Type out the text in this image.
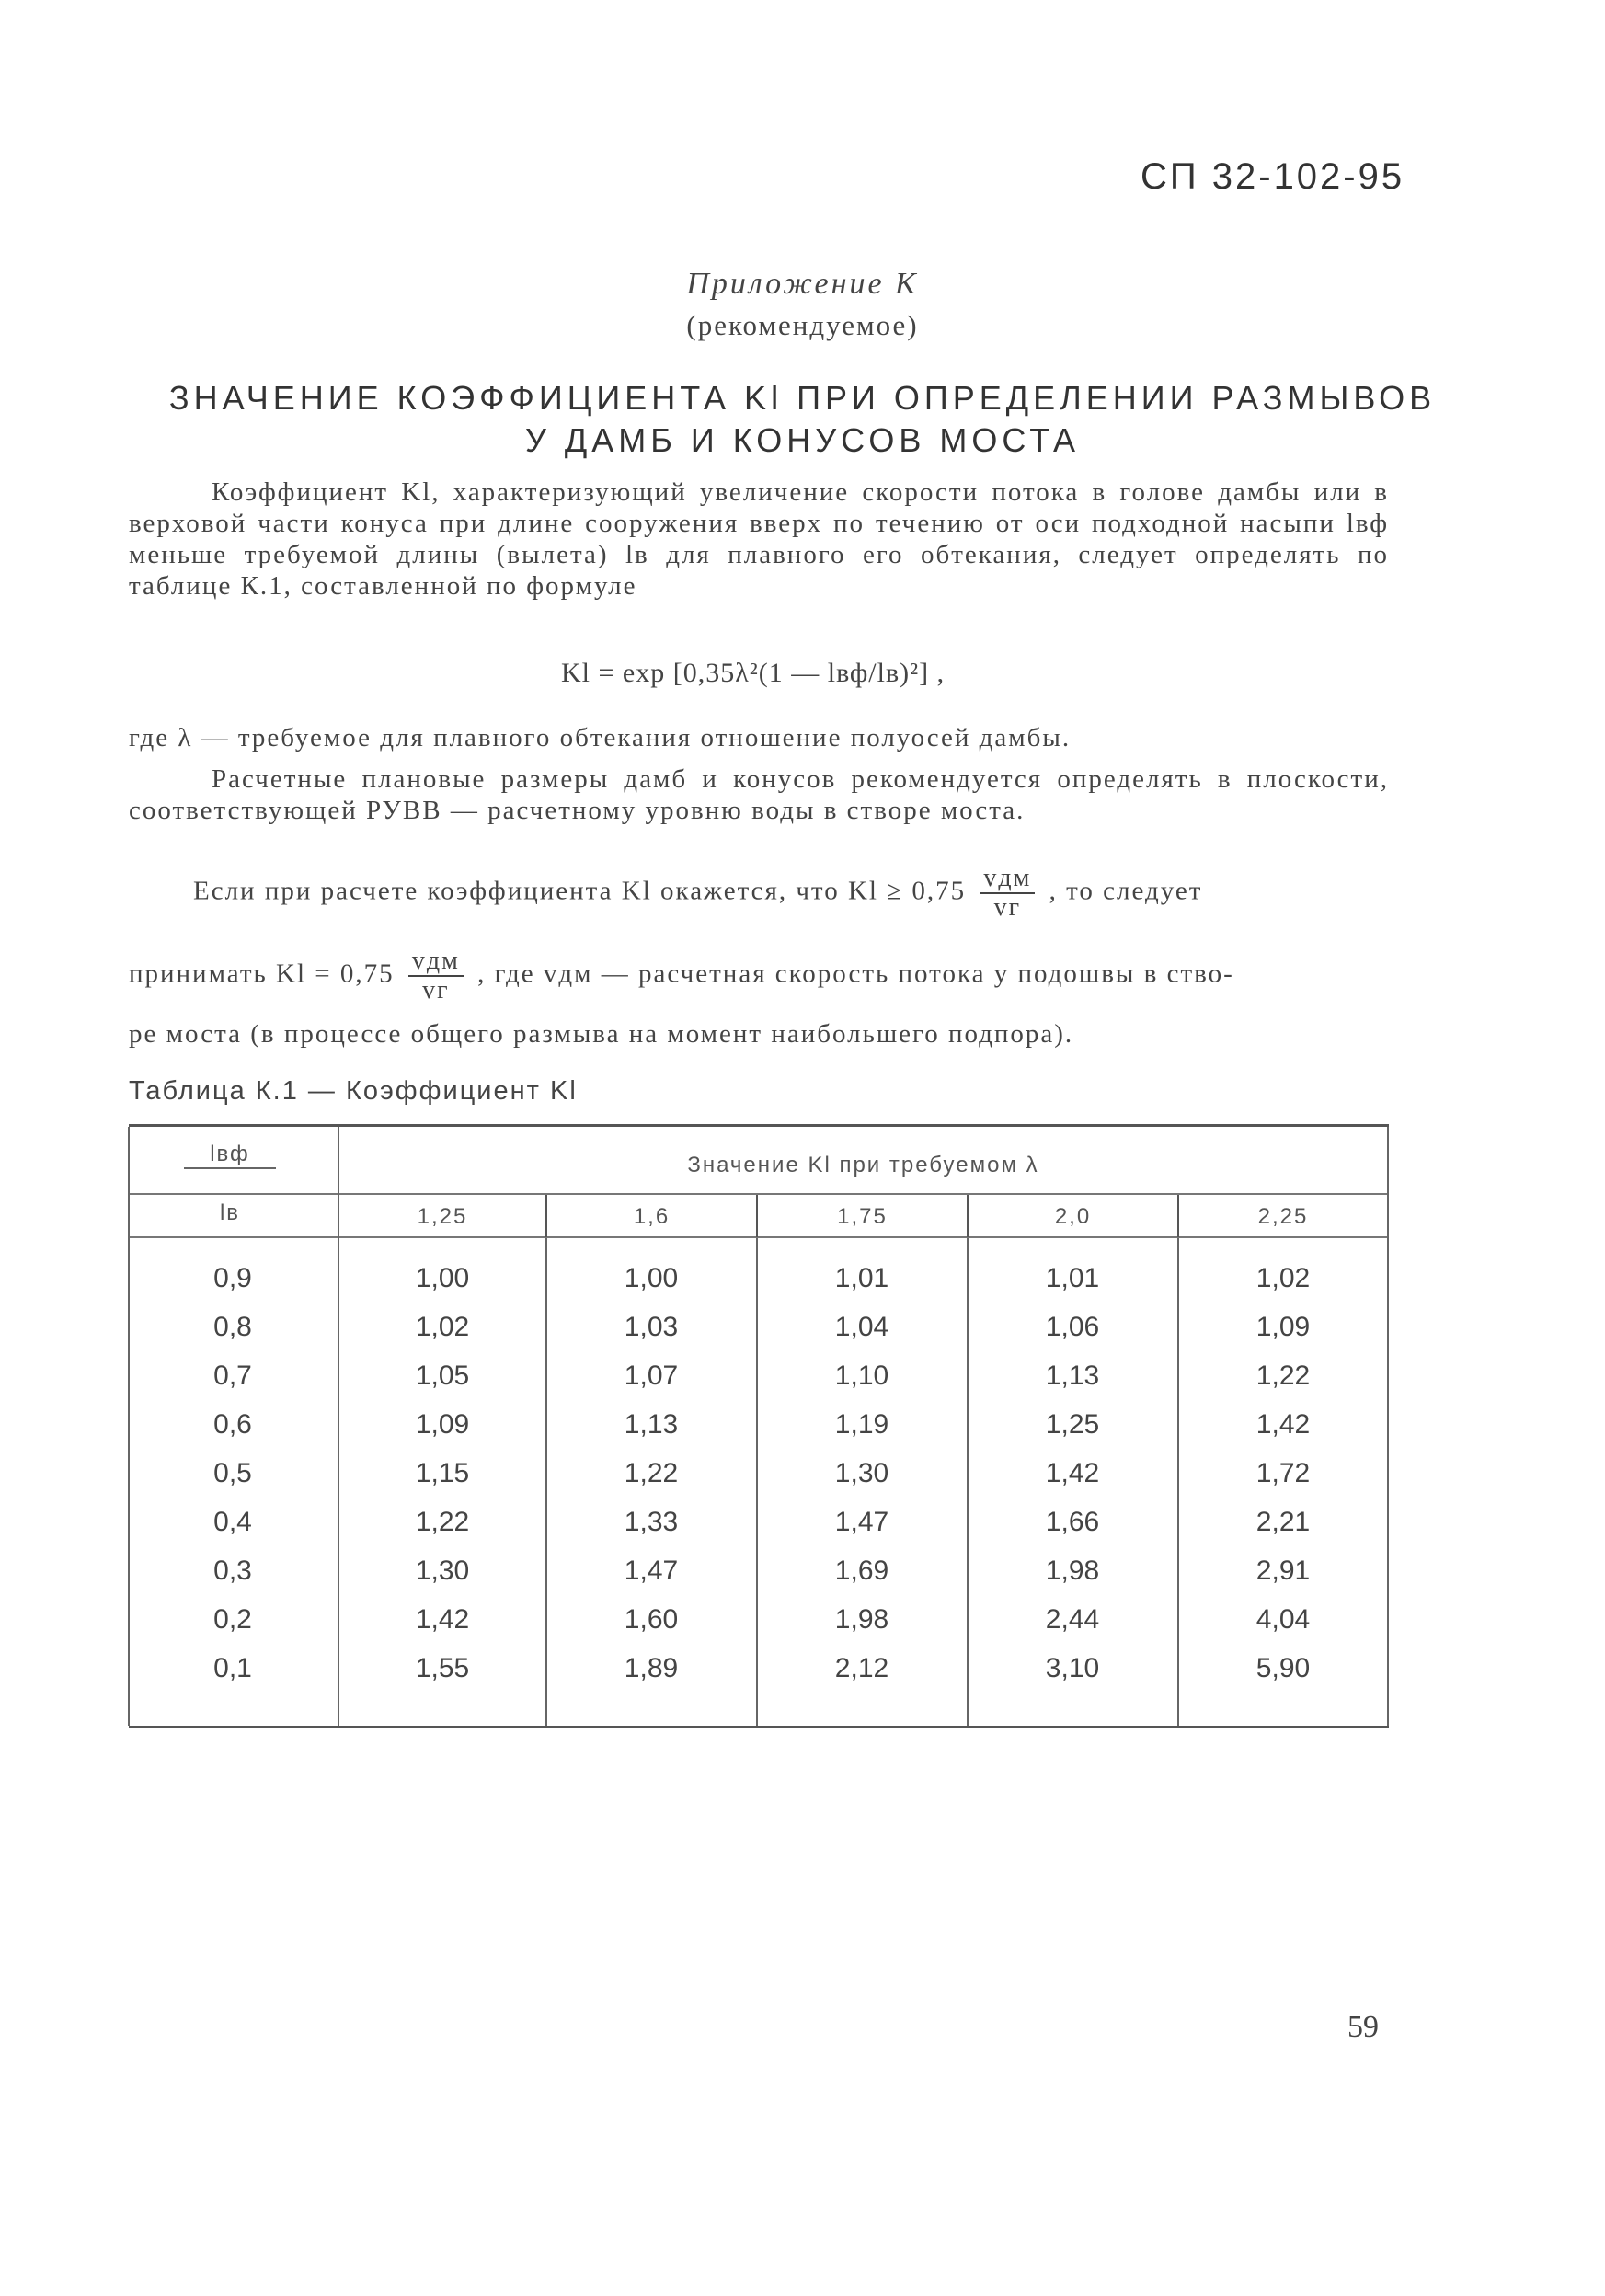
СП 32-102-95
Приложение К
(рекомендуемое)
ЗНАЧЕНИЕ КОЭФФИЦИЕНТА Kl ПРИ ОПРЕДЕЛЕНИИ РАЗМЫВОВ
У ДАМБ И КОНУСОВ МОСТА
Коэффициент Kl, характеризующий увеличение скорости потока в голове дамбы или в верховой части конуса при длине сооружения вверх по течению от оси подходной насыпи lвф меньше требуемой длины (вылета) lв для плавного его обтекания, следует определять по таблице К.1, составленной по формуле
Kl = exp [0,35λ²(1 — lвф/lв)²] ,
где λ — требуемое для плавного обтекания отношение полуосей дамбы.
Расчетные плановые размеры дамб и конусов рекомендуется определять в плоскости, соответствующей РУВВ — расчетному уровню воды в створе моста.
Если при расчете коэффициента Kl окажется, что $Kl \ge 0,75 \frac{\text{vдм}}{vг}$ , то следует
принимать $Kl = 0,75 \frac{\text{vдм}}{vг}$ , где vдм — расчетная скорость потока у подошвы в ство-
ре моста (в процессе общего размыва на момент наибольшего подпора).
Таблица К.1 — Коэффициент Kl
lвф
lв
Значение Kl при требуемом λ
1,25	1,6	1,75	2,0	2,25
0,9	1,00	1,00	1,01	1,01	1,02
0,8	1,02	1,03	1,04	1,06	1,09
0,7	1,05	1,07	1,10	1,13	1,22
0,6	1,09	1,13	1,19	1,25	1,42
0,5	1,15	1,22	1,30	1,42	1,72
0,4	1,22	1,33	1,47	1,66	2,21
0,3	1,30	1,47	1,69	1,98	2,91
0,2	1,42	1,60	1,98	2,44	4,04
0,1	1,55	1,89	2,12	3,10	5,90
59
